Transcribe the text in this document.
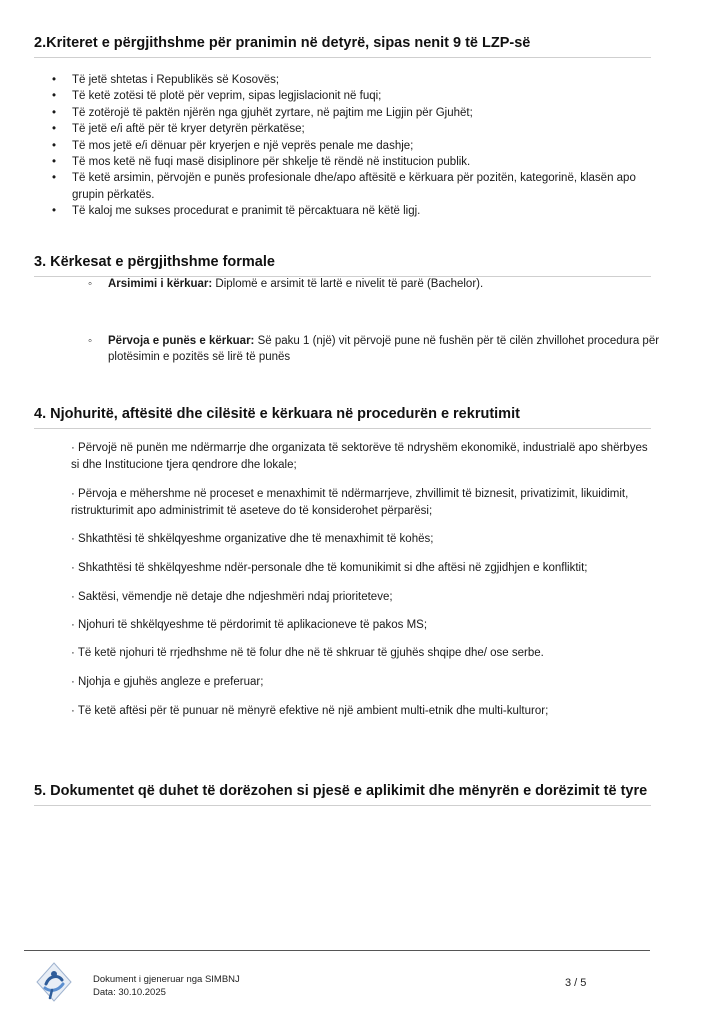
2.Kriteret e përgjithshme për pranimin në detyrë, sipas nenit 9 të LZP-së
• Të jetë shtetas i Republikës së Kosovës;
• Të ketë zotësi të plotë për veprim, sipas legjislacionit në fuqi;
• Të zotërojë të paktën njërën nga gjuhët zyrtare, në pajtim me Ligjin për Gjuhët;
• Të jetë e/i aftë për të kryer detyrën përkatëse;
• Të mos jetë e/i dënuar për kryerjen e një veprës penale me dashje;
• Të mos ketë në fuqi masë disiplinore për shkelje të rëndë në institucion publik.
• Të ketë arsimin, përvojën e punës profesionale dhe/apo aftësitë e kërkuara për pozitën, kategorinë, klasën apo grupin përkatës.
• Të kaloj me sukses procedurat e pranimit të përcaktuara në këtë ligj.
3. Kërkesat e përgjithshme formale
◦ Arsimimi i kërkuar: Diplomë e arsimit të lartë e nivelit të parë (Bachelor).
◦ Përvoja e punës e kërkuar: Së paku 1 (një) vit përvojë pune në fushën për të cilën zhvillohet procedura për plotësimin e pozitës së lirë të punës
4. Njohuritë, aftësitë dhe cilësitë e kërkuara në procedurën e rekrutimit
· Përvojë në punën me ndërmarrje dhe organizata të sektorëve të ndryshëm ekonomikë, industrialë apo shërbyes si dhe Institucione tjera qendrore dhe lokale;
· Përvoja e mëhershme në proceset e menaxhimit të ndërmarrjeve, zhvillimit të biznesit, privatizimit, likuidimit, ristrukturimit apo administrimit të aseteve do të konsiderohet përparësi;
· Shkathtësi të shkëlqyeshme organizative dhe të menaxhimit të kohës;
· Shkathtësi të shkëlqyeshme ndër-personale dhe të komunikimit si dhe aftësi në zgjidhjen e konfliktit;
· Saktësi, vëmendje në detaje dhe ndjeshmëri ndaj prioriteteve;
· Njohuri të shkëlqyeshme të përdorimit të aplikacioneve të pakos MS;
· Të ketë njohuri të rrjedhshme në të folur dhe në të shkruar të gjuhës shqipe dhe/ ose serbe.
· Njohja e gjuhës angleze e preferuar;
· Të ketë aftësi për të punuar në mënyrë efektive në një ambient multi-etnik dhe multi-kulturor;
5. Dokumentet që duhet të dorëzohen si pjesë e aplikimit dhe mënyrën e dorëzimit të tyre
Dokument i gjeneruar nga SIMBNJ
Data: 30.10.2025
3 / 5
